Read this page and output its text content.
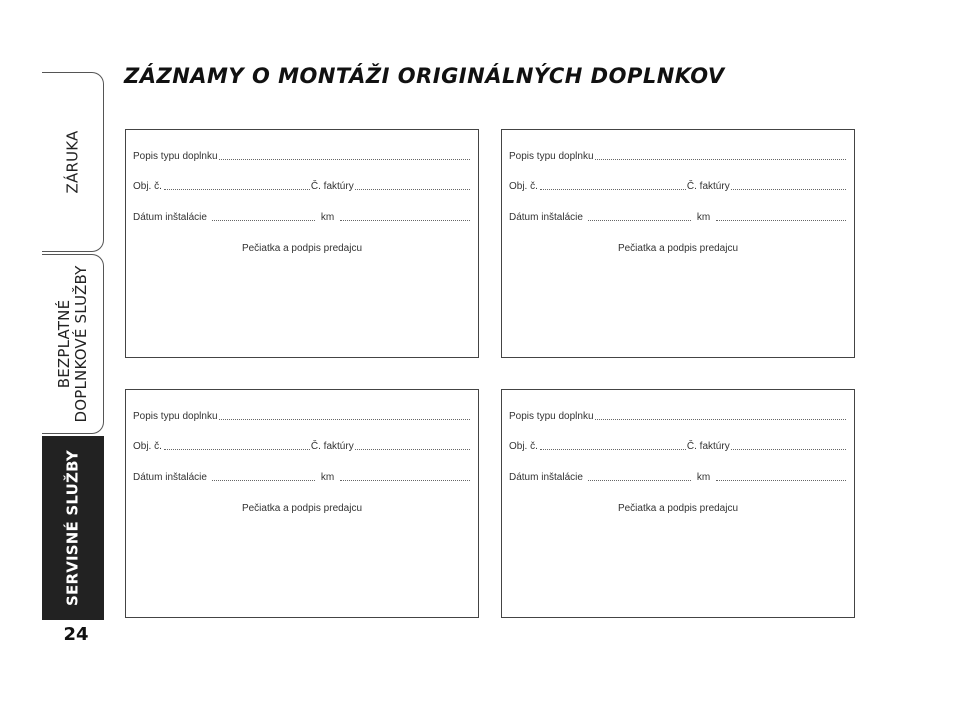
ZÁRUKA
BEZPLATNÉ DOPLNKOVÉ SLUŽBY
SERVISNÉ SLUŽBY
24
ZÁZNAMY O MONTÁŽI ORIGINÁLNÝCH DOPLNKOV
Popis typu doplnku
Obj. č.	Č. faktúry
Dátum inštalácie	km
Pečiatka a podpis predajcu
Popis typu doplnku
Obj. č.	Č. faktúry
Dátum inštalácie	km
Pečiatka a podpis predajcu
Popis typu doplnku
Obj. č.	Č. faktúry
Dátum inštalácie	km
Pečiatka a podpis predajcu
Popis typu doplnku
Obj. č.	Č. faktúry
Dátum inštalácie	km
Pečiatka a podpis predajcu
